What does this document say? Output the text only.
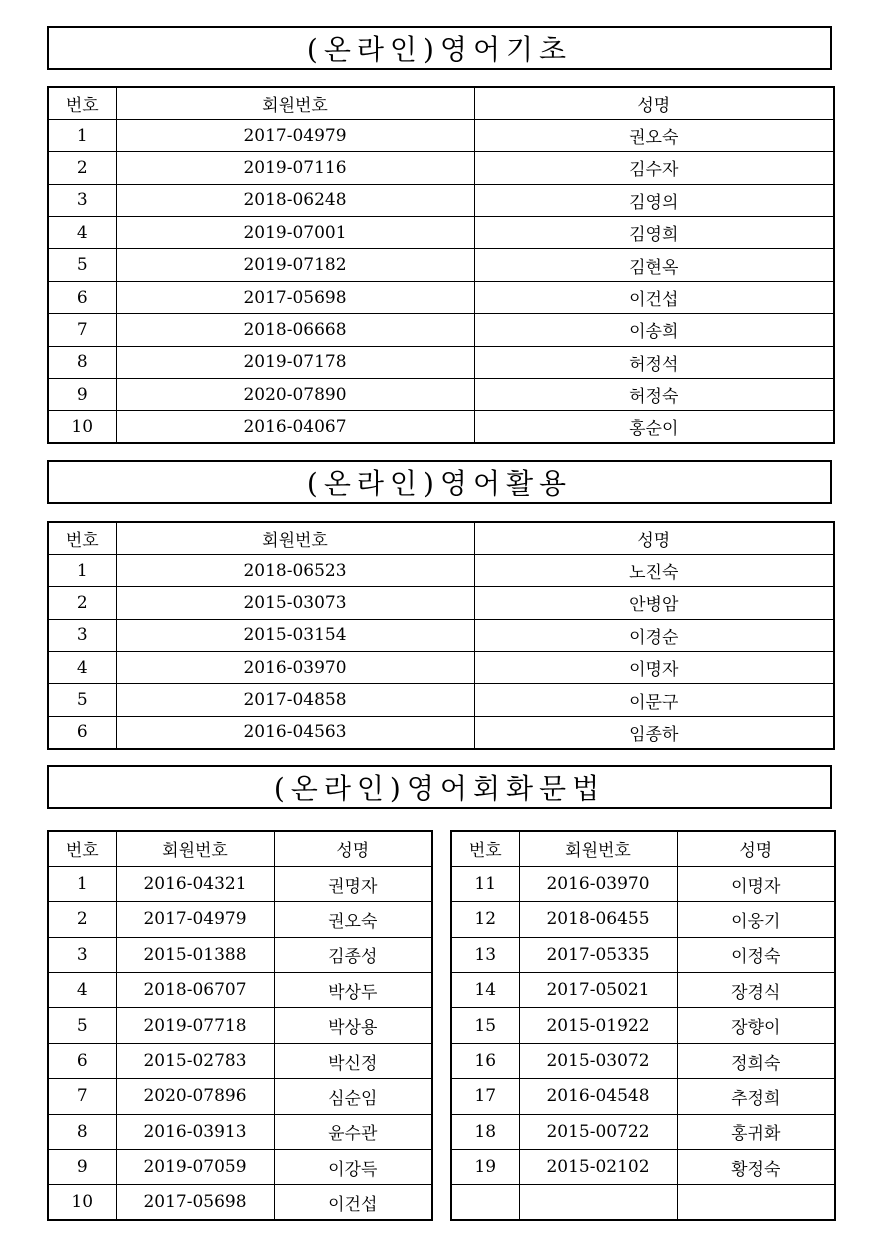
(온라인)영어기초
번호	회원번호	성명
1	2017-04979	권오숙
2	2019-07116	김수자
3	2018-06248	김영의
4	2019-07001	김영희
5	2019-07182	김현옥
6	2017-05698	이건섭
7	2018-06668	이송희
8	2019-07178	허정석
9	2020-07890	허정숙
10	2016-04067	홍순이
(온라인)영어활용
번호	회원번호	성명
1	2018-06523	노진숙
2	2015-03073	안병암
3	2015-03154	이경순
4	2016-03970	이명자
5	2017-04858	이문구
6	2016-04563	임종하
(온라인)영어회화문법
번호	회원번호	성명
1	2016-04321	권명자
2	2017-04979	권오숙
3	2015-01388	김종성
4	2018-06707	박상두
5	2019-07718	박상용
6	2015-02783	박신정
7	2020-07896	심순임
8	2016-03913	윤수관
9	2019-07059	이강득
10	2017-05698	이건섭
번호	회원번호	성명
11	2016-03970	이명자
12	2018-06455	이웅기
13	2017-05335	이정숙
14	2017-05021	장경식
15	2015-01922	장향이
16	2015-03072	정희숙
17	2016-04548	추정희
18	2015-00722	홍귀화
19	2015-02102	황정숙
